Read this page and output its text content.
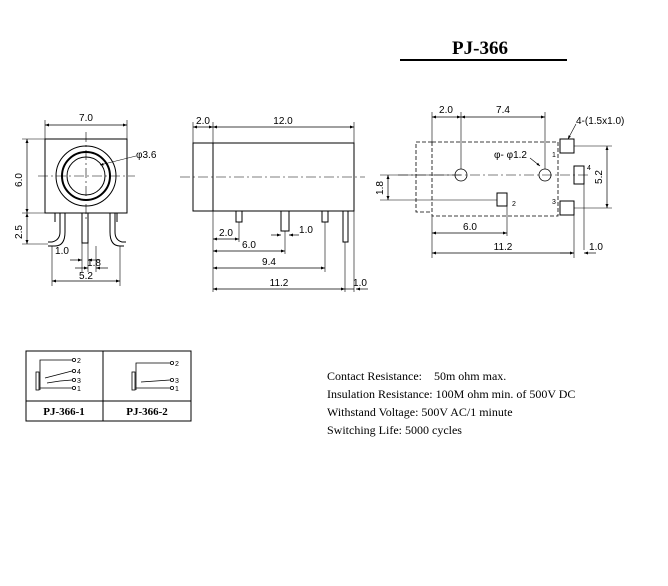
PJ-366
7.0
6.0
2.5
φ3.6
1.0
1.8
5.2
2.0	12.0
2.0
6.0
9.4
11.2
1.0
1.0
2.0	7.4
4-(1.5x1.0)
φ- φ1.2
1.8
5.2
6.0
11.2	1.0
1
2	3
4
2
4
3
1
2
3
1
PJ-366-1	PJ-366-2
Contact Resistance:    50m ohm max.
Insulation Resistance: 100M ohm min. of 500V DC
Withstand Voltage: 500V AC/1 minute
Switching Life: 5000 cycles
